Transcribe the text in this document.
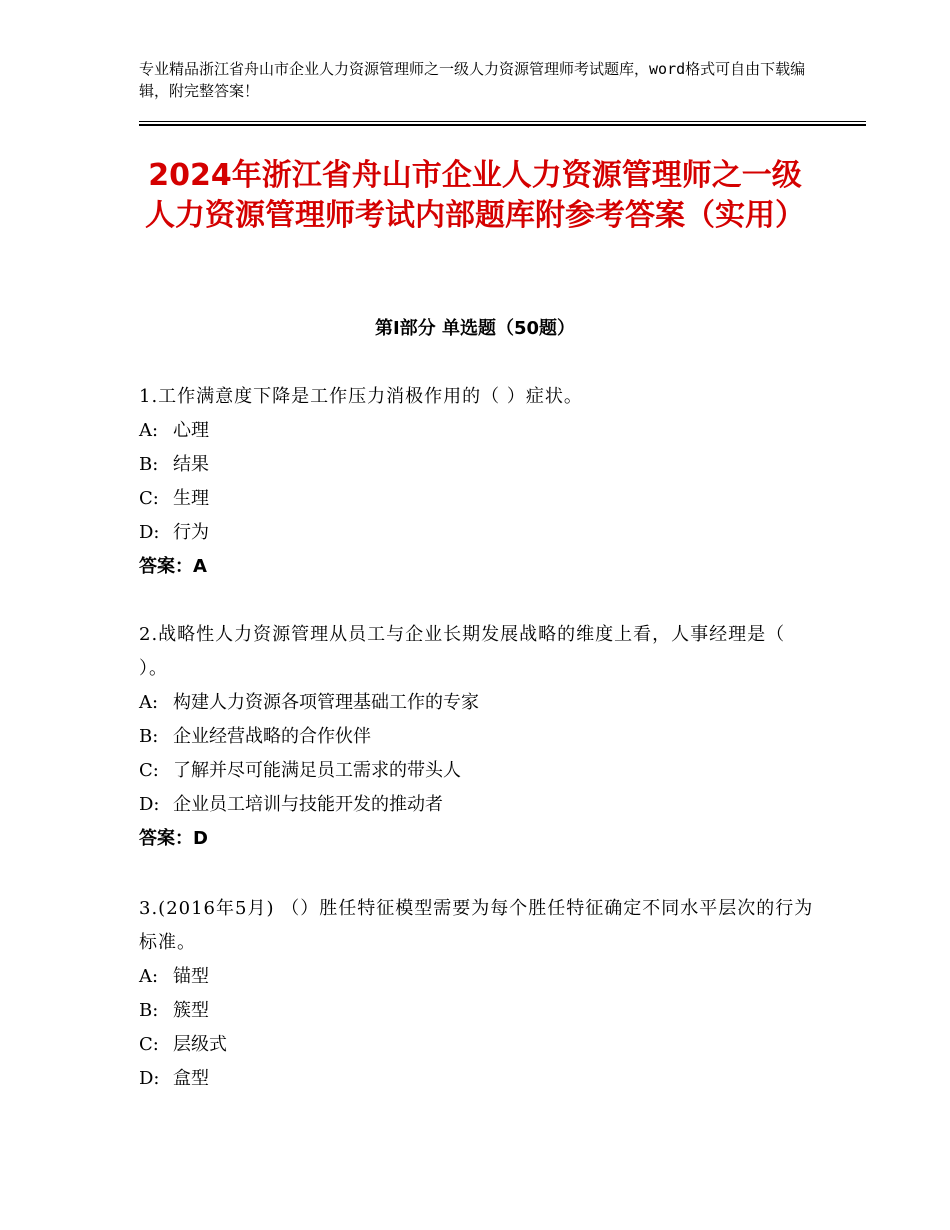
专业精品浙江省舟山市企业人力资源管理师之一级人力资源管理师考试题库，word格式可自由下载编辑，附完整答案！
2024年浙江省舟山市企业人力资源管理师之一级人力资源管理师考试内部题库附参考答案（实用）
第Ⅰ部分 单选题（50题）
1.工作满意度下降是工作压力消极作用的（ ）症状。
A: 心理
B: 结果
C: 生理
D: 行为
答案：A
2.战略性人力资源管理从员工与企业长期发展战略的维度上看，人事经理是（ ）。
A: 构建人力资源各项管理基础工作的专家
B: 企业经营战略的合作伙伴
C: 了解并尽可能满足员工需求的带头人
D: 企业员工培训与技能开发的推动者
答案：D
3.(2016年5月) （）胜任特征模型需要为每个胜任特征确定不同水平层次的行为标准。
A: 锚型
B: 簇型
C: 层级式
D: 盒型
